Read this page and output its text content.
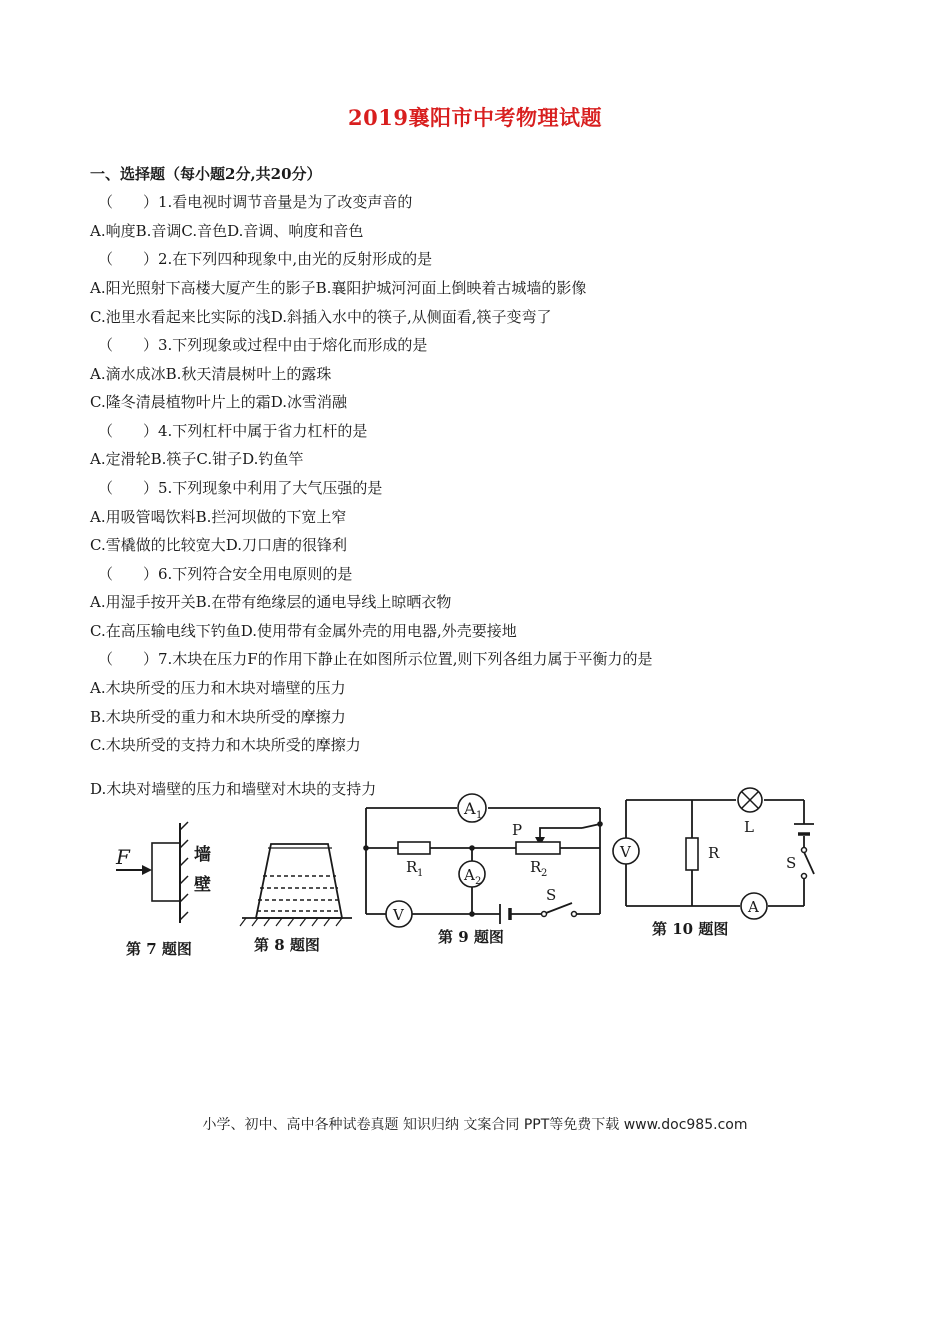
2019襄阳市中考物理试题
一、选择题（每小题2分,共20分）
（　　）1.看电视时调节音量是为了改变声音的
A.响度B.音调C.音色D.音调、响度和音色
（　　）2.在下列四种现象中,由光的反射形成的是
A.阳光照射下高楼大厦产生的影子B.襄阳护城河河面上倒映着古城墙的影像
C.池里水看起来比实际的浅D.斜插入水中的筷子,从侧面看,筷子变弯了
（　　）3.下列现象或过程中由于熔化而形成的是
A.滴水成冰B.秋天清晨树叶上的露珠
C.隆冬清晨植物叶片上的霜D.冰雪消融
（　　）4.下列杠杆中属于省力杠杆的是
A.定滑轮B.筷子C.钳子D.钓鱼竿
（　　）5.下列现象中利用了大气压强的是
A.用吸管喝饮料B.拦河坝做的下宽上窄
C.雪橇做的比较宽大D.刀口唐的很锋利
（　　）6.下列符合安全用电原则的是
A.用湿手按开关B.在带有绝缘层的通电导线上晾晒衣物
C.在高压输电线下钓鱼D.使用带有金属外壳的用电器,外壳要接地
（　　）7.木块在压力F的作用下静止在如图所示位置,则下列各组力属于平衡力的是
A.木块所受的压力和木块对墙壁的压力
B.木块所受的重力和木块所受的摩擦力
C.木块所受的支持力和木块所受的摩擦力
D.木块对墙壁的压力和墙壁对木块的支持力
F	墙
壁
第 7 题图	第 8 题图
A 1
R 1	R 2
P
A 2
V
S
第 9 题图
L
S
V	R
A
第 10 题图
小学、初中、高中各种试卷真题 知识归纳 文案合同 PPT等免费下载 www.doc985.com
